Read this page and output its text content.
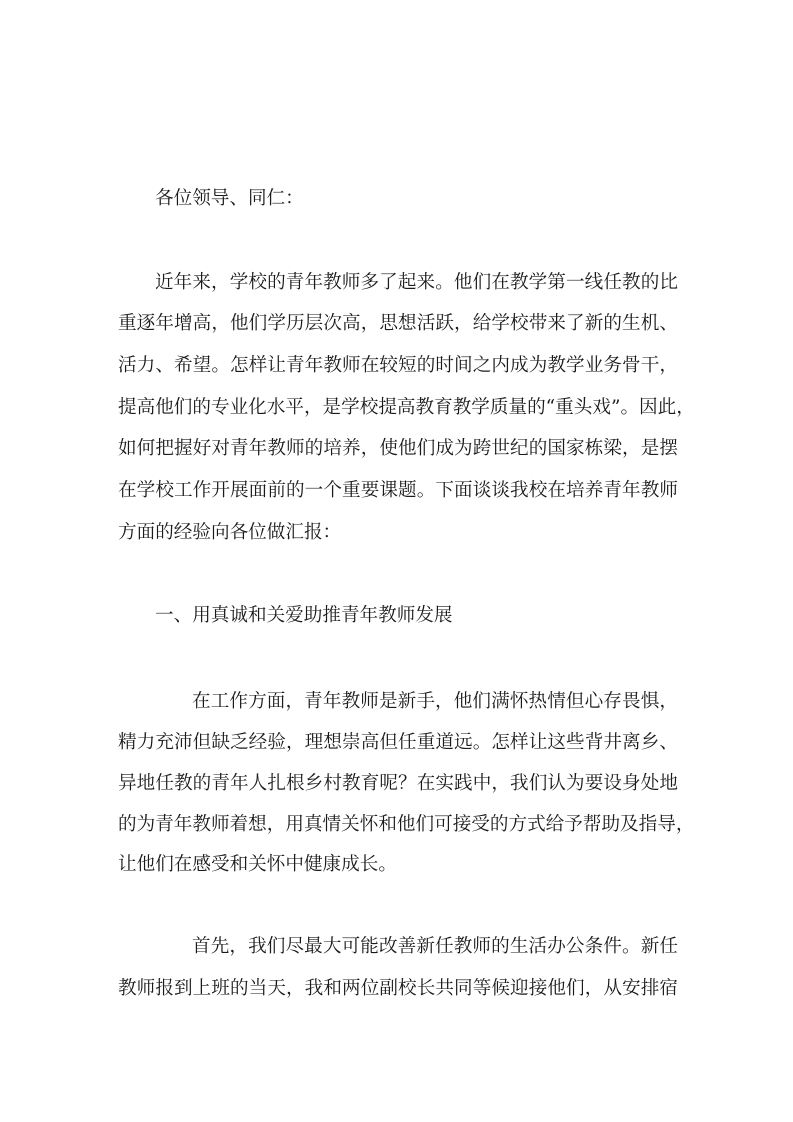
各位领导、同仁：
近年来，学校的青年教师多了起来。他们在教学第一线任教的比
重逐年增高，他们学历层次高，思想活跃，给学校带来了新的生机、
活力、希望。怎样让青年教师在较短的时间之内成为教学业务骨干，
提高他们的专业化水平，是学校提高教育教学质量的“重头戏”。因此，
如何把握好对青年教师的培养，使他们成为跨世纪的国家栋梁，是摆
在学校工作开展面前的一个重要课题。下面谈谈我校在培养青年教师
方面的经验向各位做汇报：
一、用真诚和关爱助推青年教师发展
在工作方面，青年教师是新手，他们满怀热情但心存畏惧，
精力充沛但缺乏经验，理想崇高但任重道远。怎样让这些背井离乡、
异地任教的青年人扎根乡村教育呢？在实践中，我们认为要设身处地
的为青年教师着想，用真情关怀和他们可接受的方式给予帮助及指导，
让他们在感受和关怀中健康成长。
首先，我们尽最大可能改善新任教师的生活办公条件。新任
教师报到上班的当天，我和两位副校长共同等候迎接他们，从安排宿
